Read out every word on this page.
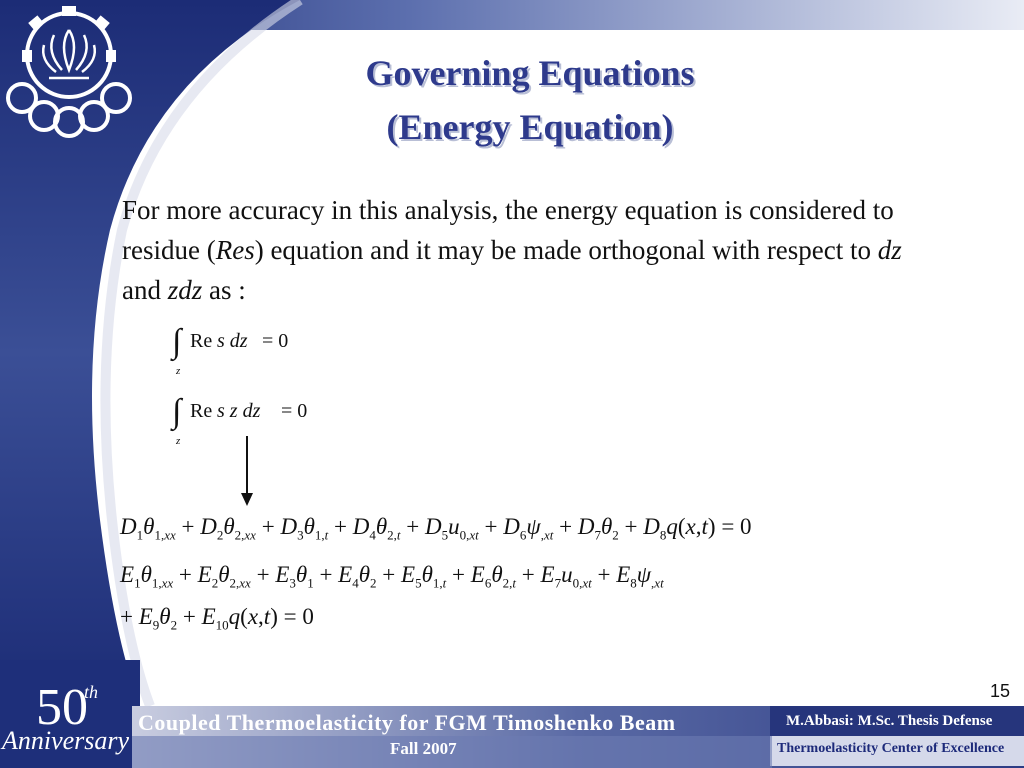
Governing Equations
(Energy Equation)
For more accuracy in this analysis, the energy equation is considered to residue (Res) equation and it may be made orthogonal with respect to dz and zdz as :
∫
z
Re s dz = 0
∫
z
Re s z dz = 0
$D_1\theta_{1,xx} + D_2\theta_{2,xx} + D_3\theta_{1,t} + D_4\theta_{2,t} + D_5u_{0,xt} + D_6\psi_{,xt} + D_7\theta_2 + D_8q(x,t) = 0$
$E_1\theta_{1,xx} + E_2\theta_{2,xx} + E_3\theta_1 + E_4\theta_2 + E_5\theta_{1,t} + E_6\theta_{2,t} + E_7u_{0,xt} + E_8\psi_{,xt}$
+ $E_9\theta_2 + E_{10}q(x,t) = 0$
15
50
th
Anniversary
Coupled Thermoelasticity for FGM Timoshenko Beam
Fall 2007
M.Abbasi: M.Sc. Thesis Defense
Thermoelasticity Center of Excellence
